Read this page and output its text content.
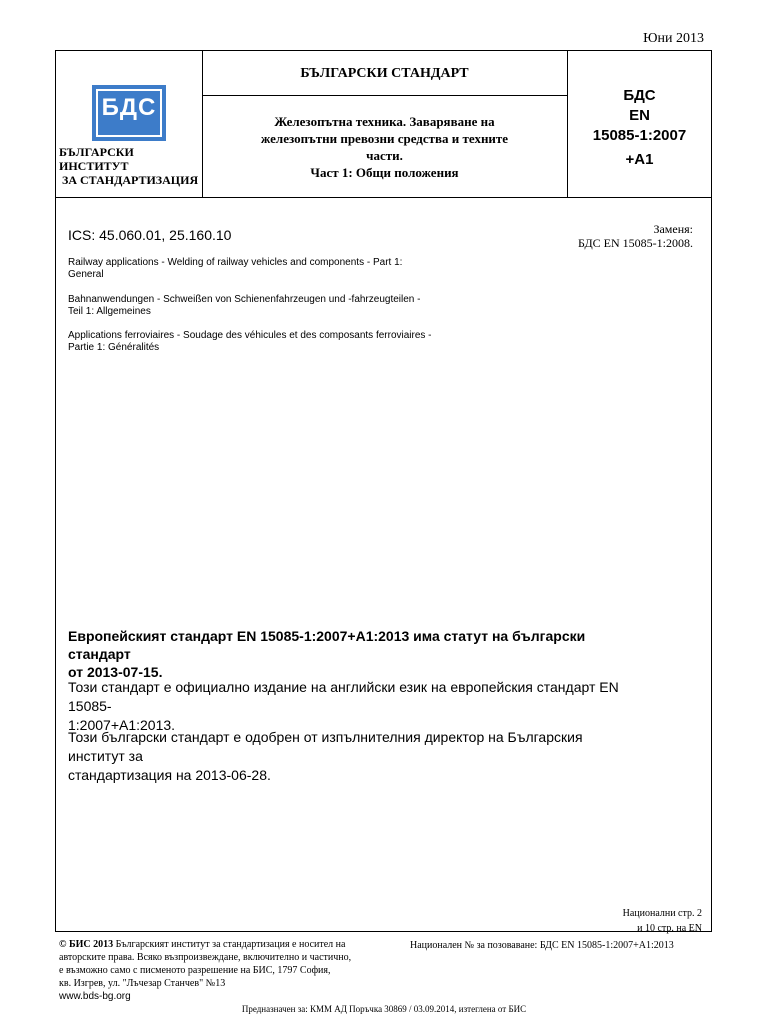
Юни 2013
БДС
БЪЛГАРСКИ
ИНСТИТУТ
ЗА СТАНДАРТИЗАЦИЯ
БЪЛГАРСКИ СТАНДАРТ
Железопътна техника. Заваряване на
железопътни превозни средства и техните
части.
Част 1: Общи положения
БДС
EN
15085-1:2007
+A1
ICS: 45.060.01, 25.160.10	Заменя:
БДС EN 15085-1:2008.
Railway applications - Welding of railway vehicles and components - Part 1:
General
Bahnanwendungen - Schweißen von Schienenfahrzeugen und -fahrzeugteilen -
Teil 1: Allgemeines
Applications ferroviaires - Soudage des véhicules et des composants ferroviaires -
Partie 1: Généralités
Европейският стандарт EN 15085-1:2007+A1:2013 има статут на български стандарт
от 2013-07-15.
Този стандарт е официално издание на английски език на европейския стандарт EN 15085-
1:2007+A1:2013.
Този български стандарт е одобрен от изпълнителния директор на Българския институт за
стандартизация на 2013-06-28.
Национални стр. 2
и 10 стр. на EN
© БИС 2013 Българският институт за стандартизация е носител на
авторските права. Всяко възпроизвеждане, включително и частично,
е възможно само с писменото разрешение на БИС, 1797 София,
кв. Изгрев, ул. "Лъчезар Станчев" №13
www.bds-bg.org
Национален № за позоваване: БДС EN 15085-1:2007+A1:2013
Предназначен за: КММ АД Поръчка 30869 / 03.09.2014, изтеглена от БИС
